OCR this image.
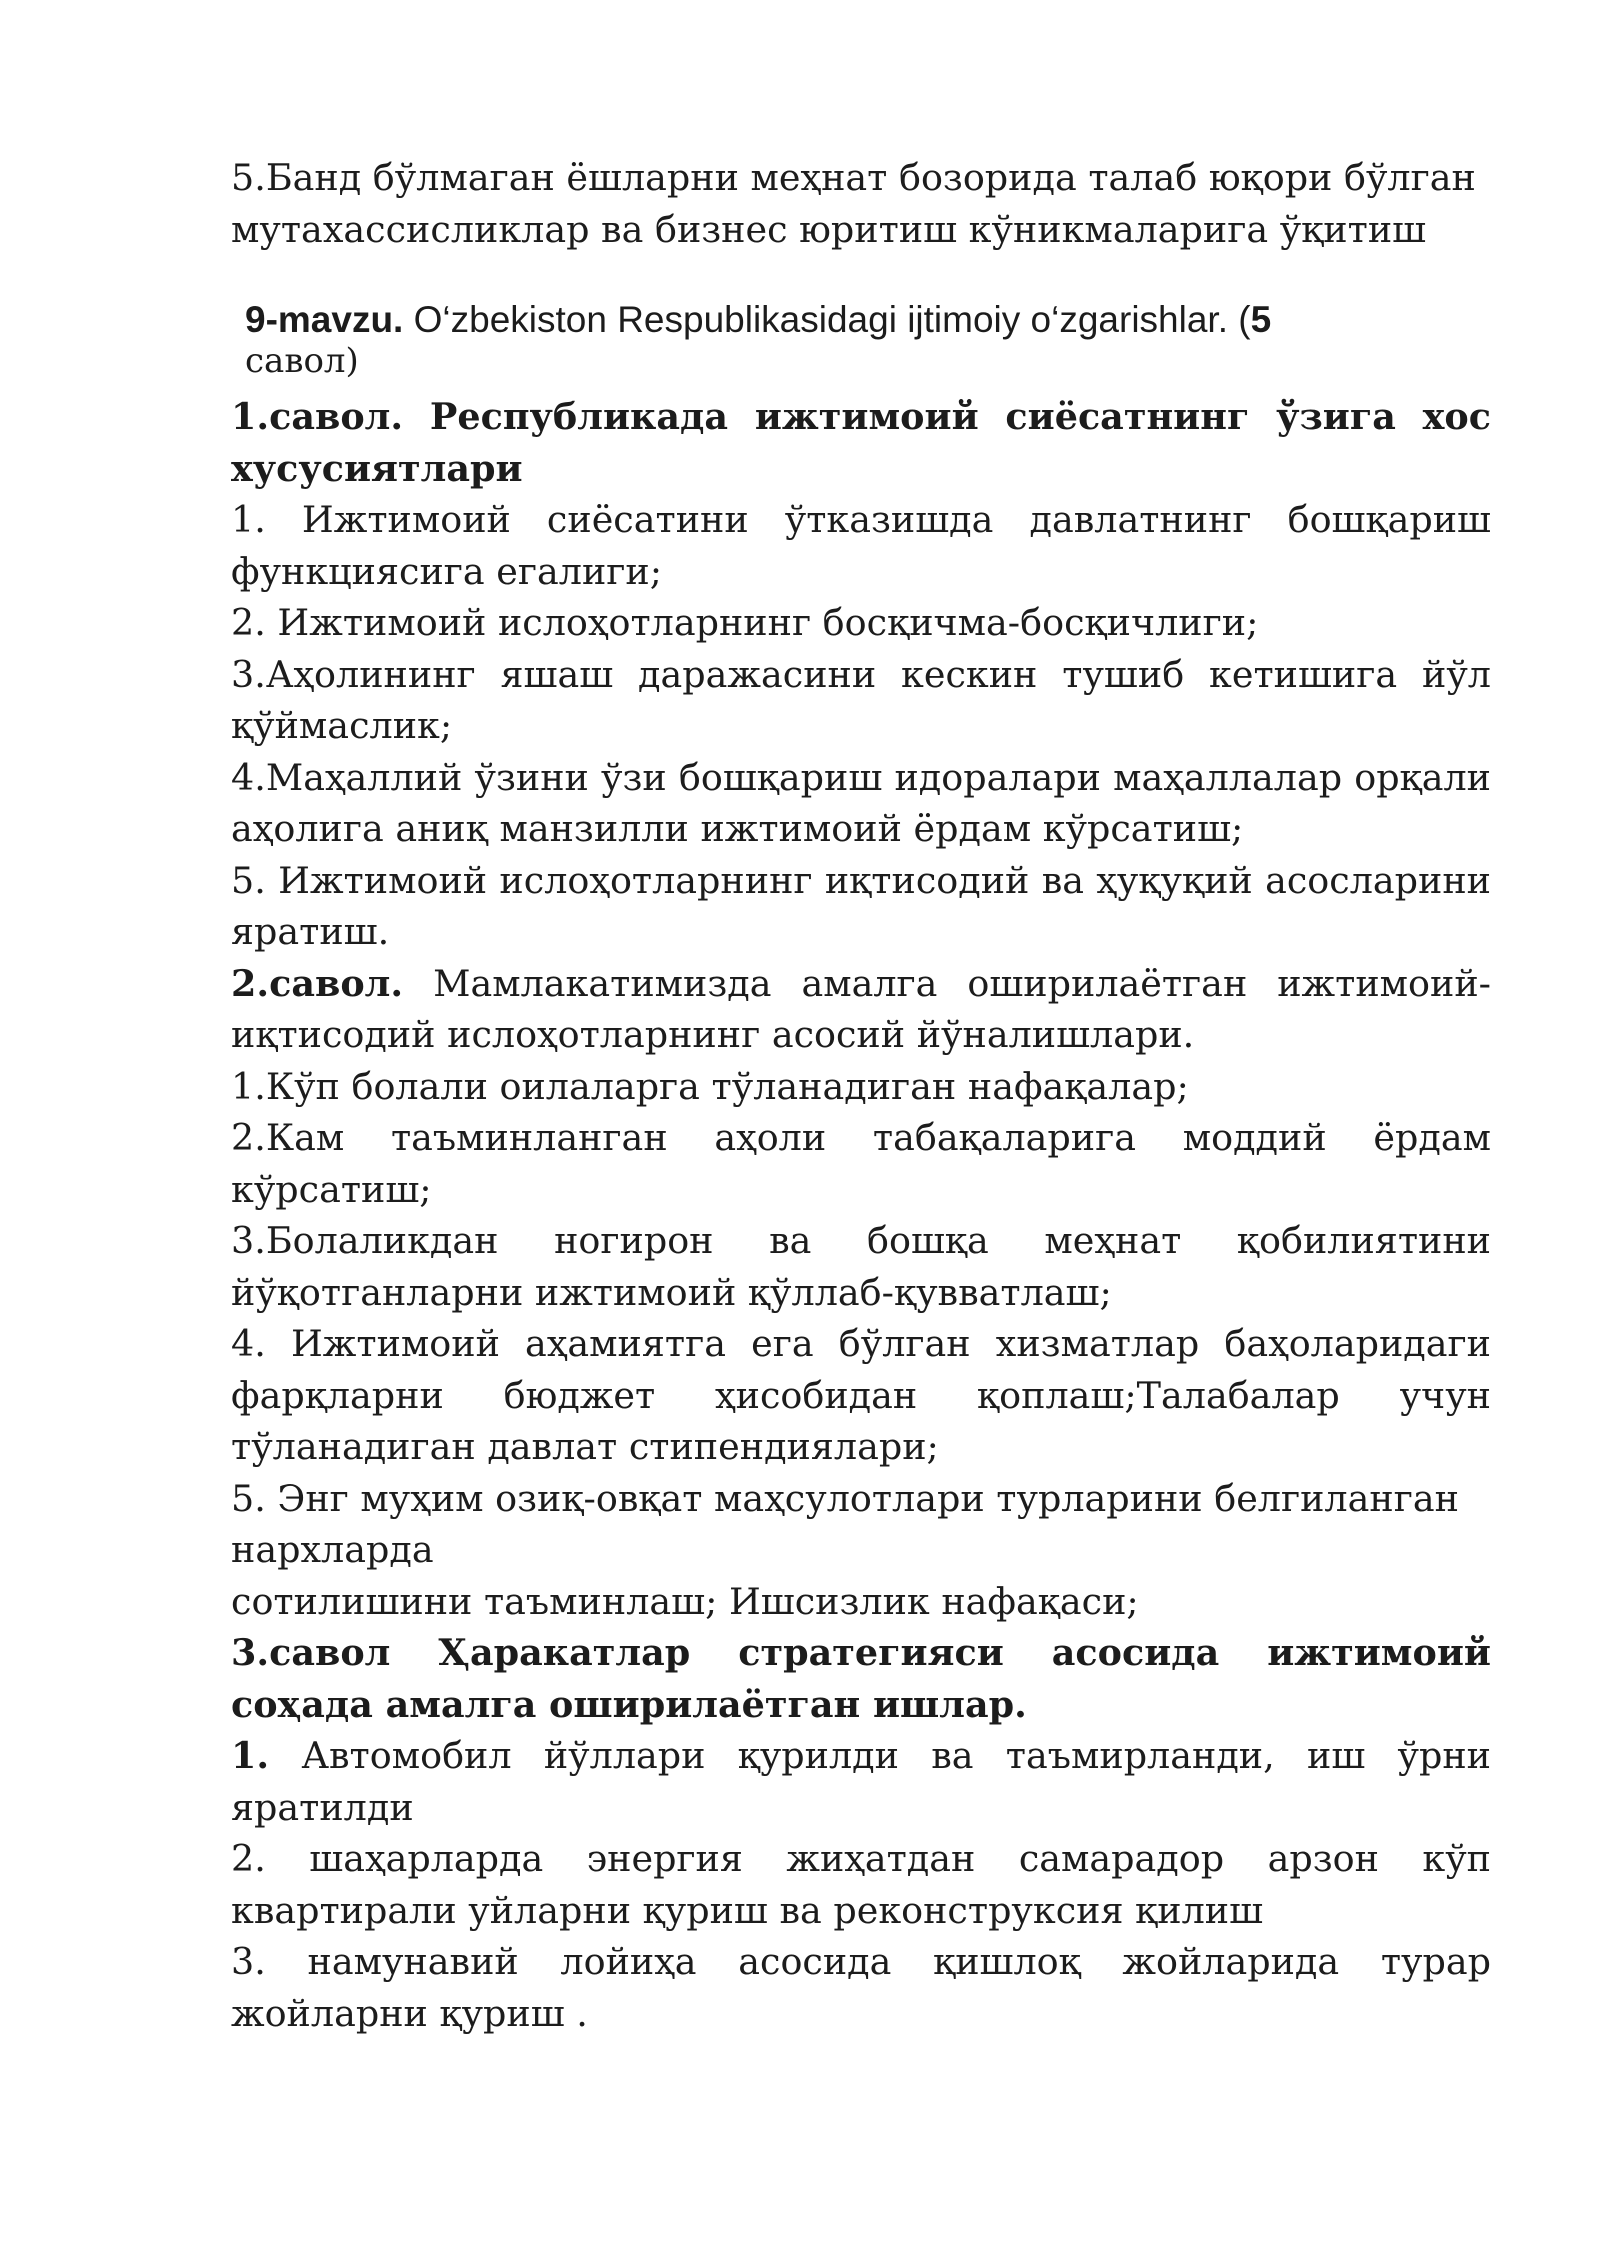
5.Банд бўлмаган ёшларни меҳнат бозорида талаб юқори бўлган мутахассисликлар ва бизнес юритиш кўникмаларига ўқитиш

9-mavzu. O‘zbekiston Respublikasidagi ijtimoiy o‘zgarishlar. (5
савол)

1.савол. Республикада ижтимоий сиёсатнинг ўзига хос хусусиятлари

1. Ижтимоий сиёсатини ўтказишда давлатнинг бошқариш функциясига егалиги;

2. Ижтимоий ислоҳотларнинг босқичма-босқичлиги;

3.Аҳолининг яшаш даражасини кескин тушиб кетишига йўл қўймаслик;

4.Маҳаллий ўзини ўзи бошқариш идоралари маҳаллалар орқали аҳолига аниқ манзилли ижтимоий ёрдам кўрсатиш;

5. Ижтимоий ислоҳотларнинг иқтисодий ва ҳуқуқий асосларини яратиш.

2.савол. Мамлакатимизда амалга оширилаётган ижтимоий-иқтисодий ислоҳотларнинг асосий йўналишлари.

1.Кўп болали оилаларга тўланадиган нафақалар;

2.Кам таъминланган аҳоли табақаларига моддий ёрдам кўрсатиш;

3.Болаликдан ногирон ва бошқа меҳнат қобилиятини йўқотганларни ижтимоий қўллаб-қувватлаш;

4. Ижтимоий аҳамиятга ега бўлган хизматлар баҳоларидаги фарқларни бюджет ҳисобидан қоплаш;Талабалар учун тўланадиган давлат стипендиялари;

5. Энг муҳим озиқ-овқат маҳсулотлари турларини белгиланган нархларда

сотилишини таъминлаш; Ишсизлик нафақаси;

3.савол Ҳаракатлар стратегияси асосида ижтимоий соҳада амалга оширилаётган ишлар.

1. Автомобил йўллари қурилди ва таъмирланди, иш ўрни яратилди

2. шаҳарларда энергия жиҳатдан самарадор арзон кўп квартирали уйларни қуриш ва реконструксия қилиш

3. намунавий лойиҳа асосида қишлоқ жойларида турар жойларни қуриш .
